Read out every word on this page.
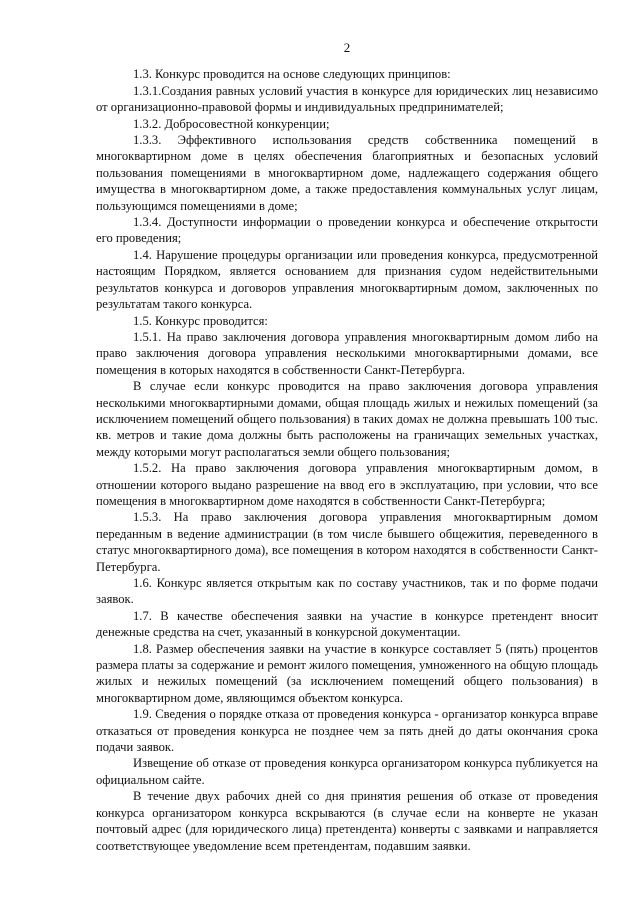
2

1.3. Конкурс проводится на основе следующих принципов:

1.3.1.Создания равных условий участия в конкурсе для юридических лиц независимо от организационно-правовой формы и индивидуальных предпринимателей;

1.3.2. Добросовестной конкуренции;

1.3.3. Эффективного использования средств собственника помещений в многоквартирном доме в целях обеспечения благоприятных и безопасных условий пользования помещениями в многоквартирном доме, надлежащего содержания общего имущества в многоквартирном доме, а также предоставления коммунальных услуг лицам, пользующимся помещениями в доме;

1.3.4. Доступности информации о проведении конкурса и обеспечение открытости его проведения;

1.4. Нарушение процедуры организации или проведения конкурса, предусмотренной настоящим Порядком, является основанием для признания судом недействительными результатов конкурса и договоров управления многоквартирным домом, заключенных по результатам такого конкурса.

1.5. Конкурс проводится:

1.5.1. На право заключения договора управления многоквартирным домом либо на право заключения договора управления несколькими многоквартирными домами, все помещения в которых находятся в собственности Санкт-Петербурга.

В случае если конкурс проводится на право заключения договора управления несколькими многоквартирными домами, общая площадь жилых и нежилых помещений (за исключением помещений общего пользования) в таких домах не должна превышать 100 тыс. кв. метров и такие дома должны быть расположены на граничащих земельных участках, между которыми могут располагаться земли общего пользования;

1.5.2. На право заключения договора управления многоквартирным домом, в отношении которого выдано разрешение на ввод его в эксплуатацию, при условии, что все помещения в многоквартирном доме находятся в собственности Санкт-Петербурга;

1.5.3. На право заключения договора управления многоквартирным домом переданным в ведение администрации (в том числе бывшего общежития, переведенного в статус многоквартирного дома), все помещения в котором находятся в собственности Санкт-Петербурга.

1.6. Конкурс является открытым как по составу участников, так и по форме подачи заявок.

1.7. В качестве обеспечения заявки на участие в конкурсе претендент вносит денежные средства на счет, указанный в конкурсной документации.

1.8. Размер обеспечения заявки на участие в конкурсе составляет 5 (пять) процентов размера платы за содержание и ремонт жилого помещения, умноженного на общую площадь жилых и нежилых помещений (за исключением помещений общего пользования) в многоквартирном доме, являющимся объектом конкурса.

1.9. Сведения о порядке отказа от проведения конкурса - организатор конкурса вправе отказаться от проведения конкурса не позднее чем за пять дней до даты окончания срока подачи заявок.

Извещение об отказе от проведения конкурса организатором конкурса публикуется на официальном сайте.

В течение двух рабочих дней со дня принятия решения об отказе от проведения конкурса организатором конкурса вскрываются (в случае если на конверте не указан почтовый адрес (для юридического лица) претендента) конверты с заявками и направляется соответствующее уведомление всем претендентам, подавшим заявки.
